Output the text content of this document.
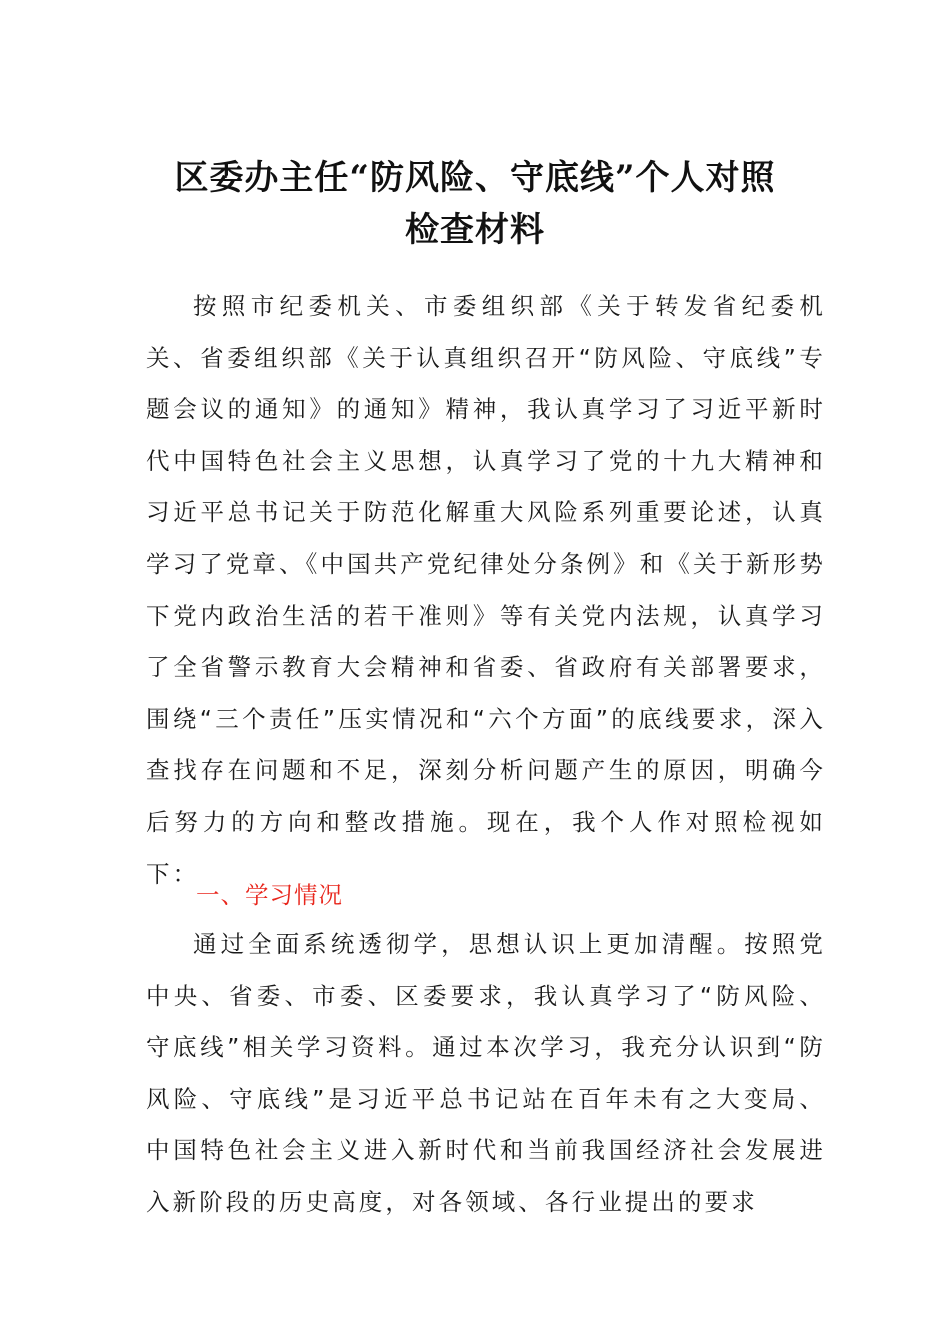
区委办主任“防风险、守底线”个人对照
检查材料

按照市纪委机关、市委组织部《关于转发省纪委机关、省委组织部《关于认真组织召开“防风险、守底线”专题会议的通知》的通知》精神，我认真学习了习近平新时代中国特色社会主义思想，认真学习了党的十九大精神和习近平总书记关于防范化解重大风险系列重要论述，认真学习了党章、《中国共产党纪律处分条例》和《关于新形势下党内政治生活的若干准则》等有关党内法规，认真学习了全省警示教育大会精神和省委、省政府有关部署要求，围绕“三个责任”压实情况和“六个方面”的底线要求，深入查找存在问题和不足，深刻分析问题产生的原因，明确今后努力的方向和整改措施。现在，我个人作对照检视如下：

一、学习情况

通过全面系统透彻学，思想认识上更加清醒。按照党中央、省委、市委、区委要求，我认真学习了“防风险、守底线”相关学习资料。通过本次学习，我充分认识到“防风险、守底线”是习近平总书记站在百年未有之大变局、中国特色社会主义进入新时代和当前我国经济社会发展进入新阶段的历史高度，对各领域、各行业提出的要求
